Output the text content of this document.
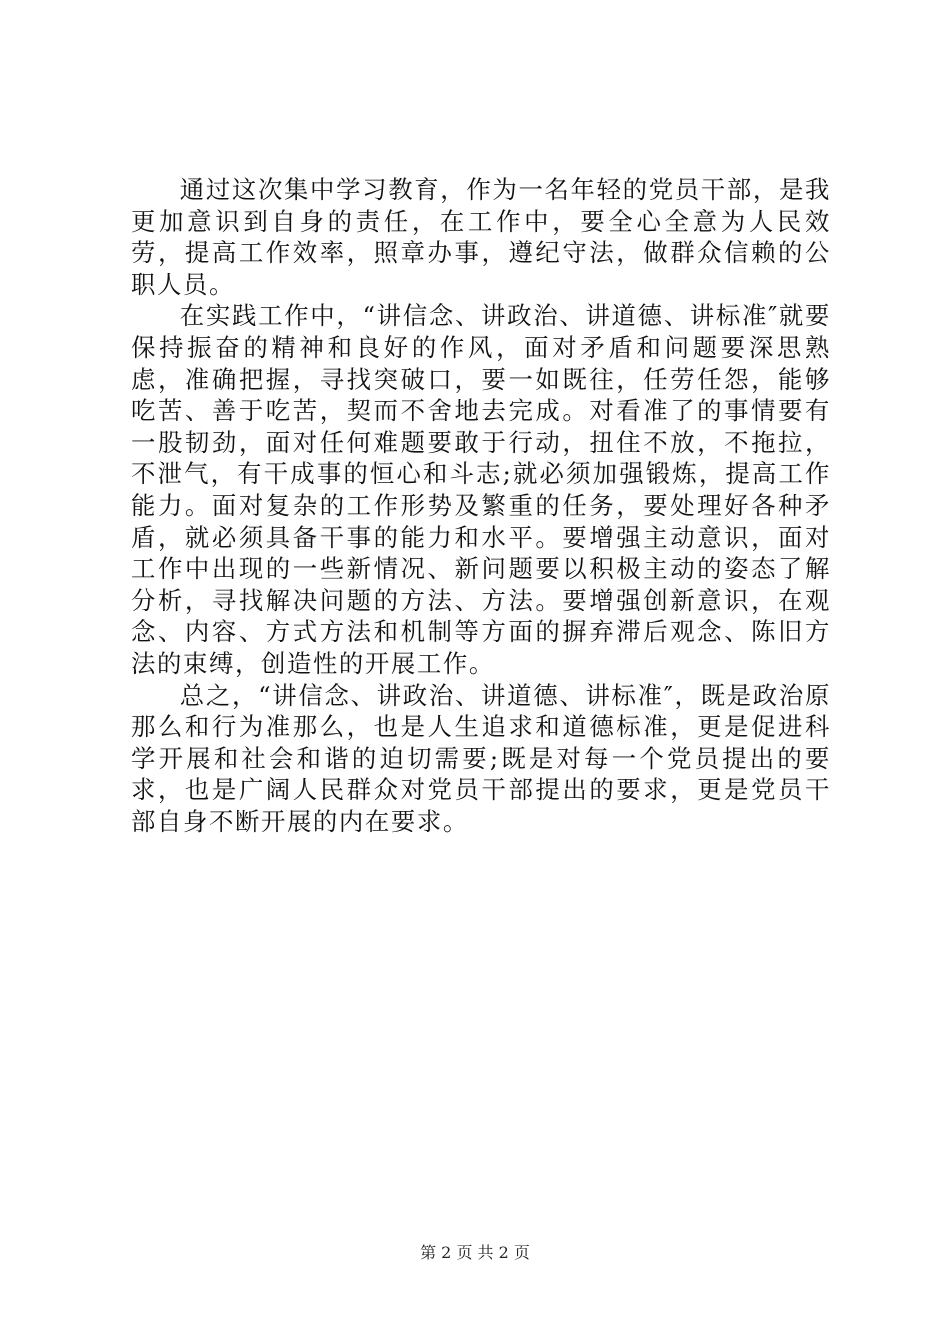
通过这次集中学习教育，作为一名年轻的党员干部，是我更加意识到自身的责任，在工作中，要全心全意为人民效劳，提高工作效率，照章办事，遵纪守法，做群众信赖的公职人员。

在实践工作中，“讲信念、讲政治、讲道德、讲标准″就要保持振奋的精神和良好的作风，面对矛盾和问题要深思熟虑，准确把握，寻找突破口，要一如既往，任劳任怨，能够吃苦、善于吃苦，契而不舍地去完成。对看准了的事情要有一股韧劲，面对任何难题要敢于行动，扭住不放，不拖拉，不泄气，有干成事的恒心和斗志;就必须加强锻炼，提高工作能力。面对复杂的工作形势及繁重的任务，要处理好各种矛盾，就必须具备干事的能力和水平。要增强主动意识，面对工作中出现的一些新情况、新问题要以积极主动的姿态了解分析，寻找解决问题的方法、方法。要增强创新意识，在观念、内容、方式方法和机制等方面的摒弃滞后观念、陈旧方法的束缚，创造性的开展工作。

总之，“讲信念、讲政治、讲道德、讲标准″，既是政治原那么和行为准那么，也是人生追求和道德标准，更是促进科学开展和社会和谐的迫切需要;既是对每一个党员提出的要求，也是广阔人民群众对党员干部提出的要求，更是党员干部自身不断开展的内在要求。

第 2 页 共 2 页
